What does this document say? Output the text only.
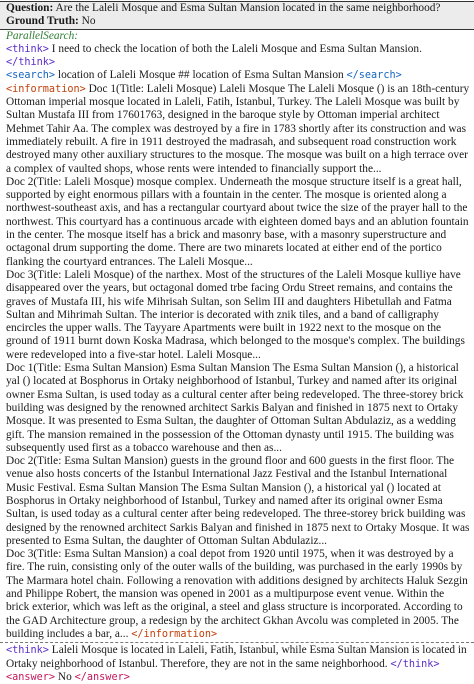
Question: Are the Laleli Mosque and Esma Sultan Mansion located in the same neighborhood?
Ground Truth: No
ParallelSearch:
<think> I need to check the location of both the Laleli Mosque and Esma Sultan Mansion. </think>
<search> location of Laleli Mosque ## location of Esma Sultan Mansion </search>
<information> Doc 1(Title: Laleli Mosque) Laleli Mosque The Laleli Mosque () is an 18th-century Ottoman imperial mosque located in Laleli, Fatih, Istanbul, Turkey. The Laleli Mosque was built by Sultan Mustafa III from 17601763, designed in the baroque style by Ottoman imperial architect Mehmet Tahir Aa. The complex was destroyed by a fire in 1783 shortly after its construction and was immediately rebuilt. A fire in 1911 destroyed the madrasah, and subsequent road construction work destroyed many other auxiliary structures to the mosque. The mosque was built on a high terrace over a complex of vaulted shops, whose rents were intended to financially support the...
Doc 2(Title: Laleli Mosque) mosque complex. Underneath the mosque structure itself is a great hall, supported by eight enormous pillars with a fountain in the center. The mosque is oriented along a northwest-southeast axis, and has a rectangular courtyard about twice the size of the prayer hall to the northwest. This courtyard has a continuous arcade with eighteen domed bays and an ablution fountain in the center. The mosque itself has a brick and masonry base, with a masonry superstructure and octagonal drum supporting the dome. There are two minarets located at either end of the portico flanking the courtyard entrances. The Laleli Mosque...
Doc 3(Title: Laleli Mosque) of the narthex. Most of the structures of the Laleli Mosque kulliye have disappeared over the years, but octagonal domed trbe facing Ordu Street remains, and contains the graves of Mustafa III, his wife Mihrisah Sultan, son Selim III and daughters Hibetullah and Fatma Sultan and Mihrimah Sultan. The interior is decorated with znik tiles, and a band of calligraphy encircles the upper walls. The Tayyare Apartments were built in 1922 next to the mosque on the ground of 1911 burnt down Koska Madrasa, which belonged to the mosque's complex. The buildings were redeveloped into a five-star hotel. Laleli Mosque...
Doc 1(Title: Esma Sultan Mansion) Esma Sultan Mansion The Esma Sultan Mansion (), a historical yal () located at Bosphorus in Ortaky neighborhood of Istanbul, Turkey and named after its original owner Esma Sultan, is used today as a cultural center after being redeveloped. The three-storey brick building was designed by the renowned architect Sarkis Balyan and finished in 1875 next to Ortaky Mosque. It was presented to Esma Sultan, the daughter of Ottoman Sultan Abdulaziz, as a wedding gift. The mansion remained in the possession of the Ottoman dynasty until 1915. The building was subsequently used first as a tobacco warehouse and then as...
Doc 2(Title: Esma Sultan Mansion) guests in the ground floor and 600 guests in the first floor. The venue also hosts concerts of the Istanbul International Jazz Festival and the Istanbul International Music Festival. Esma Sultan Mansion The Esma Sultan Mansion (), a historical yal () located at Bosphorus in Ortaky neighborhood of Istanbul, Turkey and named after its original owner Esma Sultan, is used today as a cultural center after being redeveloped. The three-storey brick building was designed by the renowned architect Sarkis Balyan and finished in 1875 next to Ortaky Mosque. It was presented to Esma Sultan, the daughter of Ottoman Sultan Abdulaziz...
Doc 3(Title: Esma Sultan Mansion) a coal depot from 1920 until 1975, when it was destroyed by a fire. The ruin, consisting only of the outer walls of the building, was purchased in the early 1990s by The Marmara hotel chain. Following a renovation with additions designed by architects Haluk Sezgin and Philippe Robert, the mansion was opened in 2001 as a multipurpose event venue. Within the brick exterior, which was left as the original, a steel and glass structure is incorporated. According to the GAD Architecture group, a redesign by the architect Gkhan Avcolu was completed in 2005. The building includes a bar, a... </information>
<think> Laleli Mosque is located in Laleli, Fatih, Istanbul, while Esma Sultan Mansion is located in Ortaky neighborhood of Istanbul. Therefore, they are not in the same neighborhood. </think>
<answer> No </answer>
